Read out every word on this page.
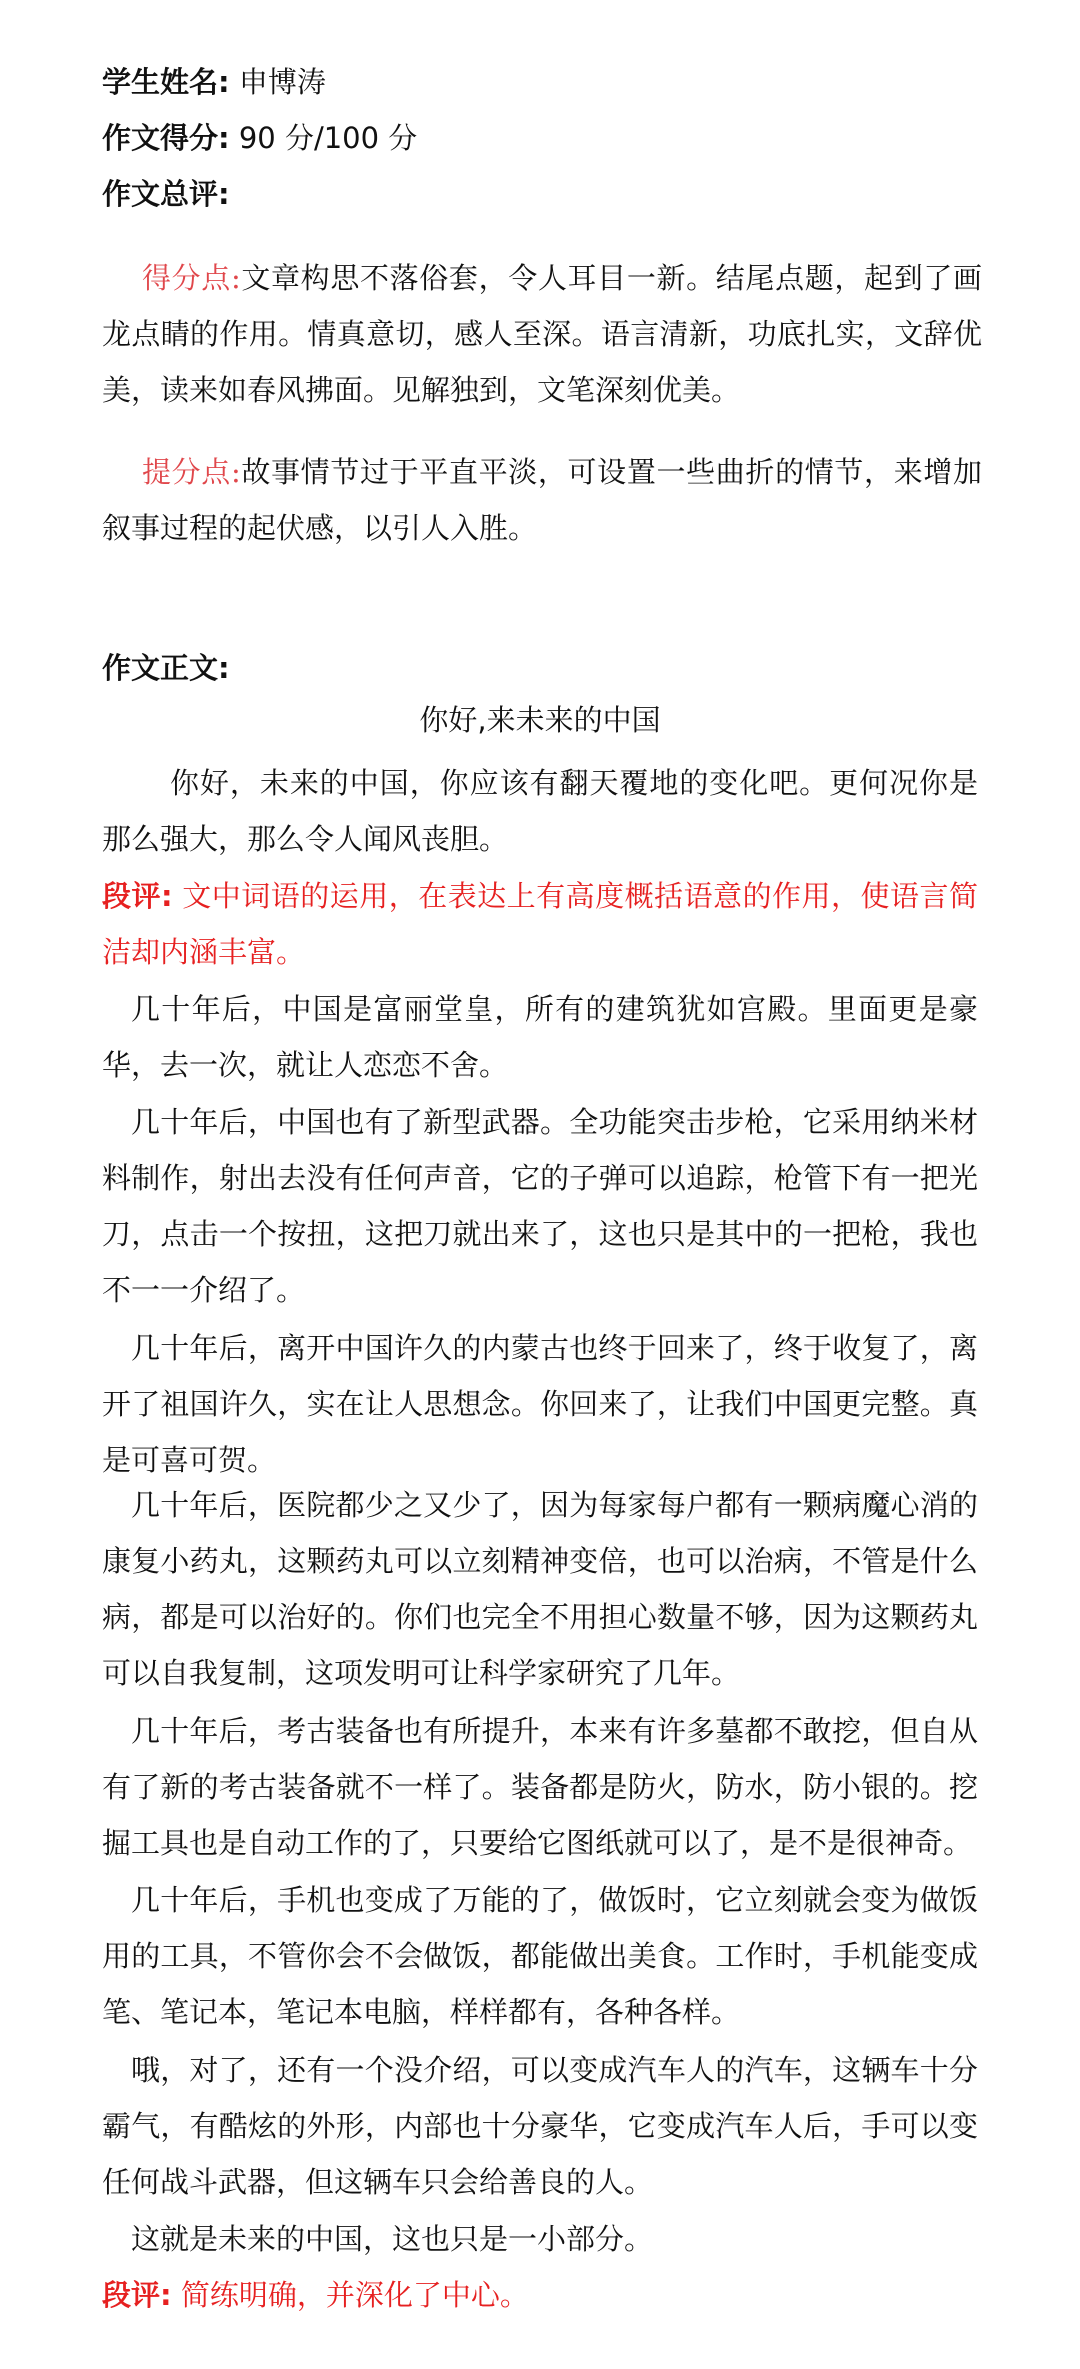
学生姓名: 申博涛
作文得分: 90 分/100 分
作文总评:
得分点:文章构思不落俗套，令人耳目一新。结尾点题，起到了画龙点睛的作用。情真意切，感人至深。语言清新，功底扎实，文辞优美，读来如春风拂面。见解独到，文笔深刻优美。
提分点:故事情节过于平直平淡，可设置一些曲折的情节，来增加叙事过程的起伏感，以引人入胜。
作文正文:
你好,来未来的中国
你好，未来的中国，你应该有翻天覆地的变化吧。更何况你是那么强大，那么令人闻风丧胆。
段评: 文中词语的运用，在表达上有高度概括语意的作用，使语言简洁却内涵丰富。
几十年后，中国是富丽堂皇，所有的建筑犹如宫殿。里面更是豪华，去一次，就让人恋恋不舍。
几十年后，中国也有了新型武器。全功能突击步枪，它采用纳米材料制作，射出去没有任何声音，它的子弹可以追踪，枪管下有一把光刀，点击一个按扭，这把刀就出来了，这也只是其中的一把枪，我也不一一介绍了。
几十年后，离开中国许久的内蒙古也终于回来了，终于收复了，离开了祖国许久，实在让人思想念。你回来了，让我们中国更完整。真是可喜可贺。
几十年后，医院都少之又少了，因为每家每户都有一颗病魔心消的康复小药丸，这颗药丸可以立刻精神变倍，也可以治病，不管是什么病，都是可以治好的。你们也完全不用担心数量不够，因为这颗药丸可以自我复制，这项发明可让科学家研究了几年。
几十年后，考古装备也有所提升，本来有许多墓都不敢挖，但自从有了新的考古装备就不一样了。装备都是防火，防水，防小银的。挖掘工具也是自动工作的了，只要给它图纸就可以了，是不是很神奇。
几十年后，手机也变成了万能的了，做饭时，它立刻就会变为做饭用的工具，不管你会不会做饭，都能做出美食。工作时，手机能变成笔、笔记本，笔记本电脑，样样都有，各种各样。
哦，对了，还有一个没介绍，可以变成汽车人的汽车，这辆车十分霸气，有酷炫的外形，内部也十分豪华，它变成汽车人后，手可以变任何战斗武器，但这辆车只会给善良的人。
这就是未来的中国，这也只是一小部分。
段评: 简练明确，并深化了中心。
